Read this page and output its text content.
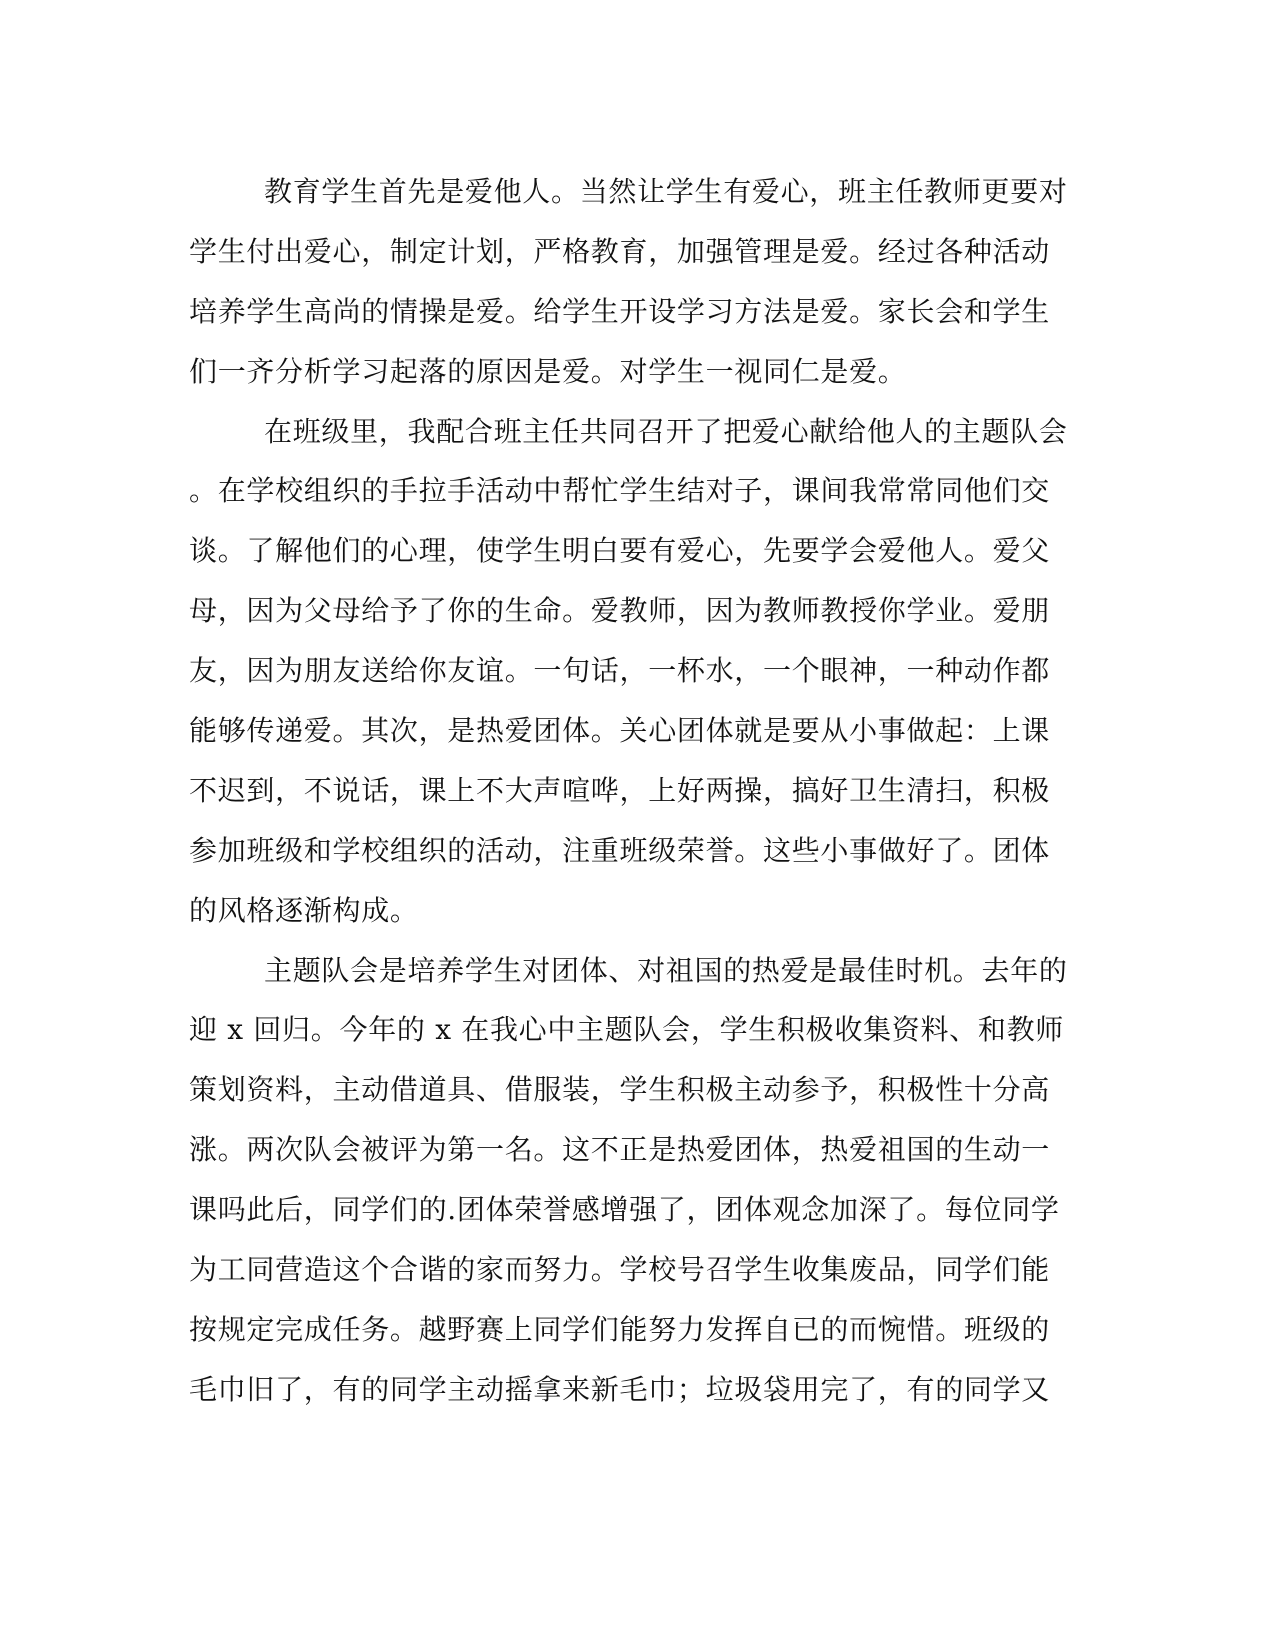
教育学生首先是爱他人。当然让学生有爱心，班主任教师更要对
学生付出爱心，制定计划，严格教育，加强管理是爱。经过各种活动
培养学生高尚的情操是爱。给学生开设学习方法是爱。家长会和学生
们一齐分析学习起落的原因是爱。对学生一视同仁是爱。
在班级里，我配合班主任共同召开了把爱心献给他人的主题队会
。在学校组织的手拉手活动中帮忙学生结对子，课间我常常同他们交
谈。了解他们的心理，使学生明白要有爱心，先要学会爱他人。爱父
母，因为父母给予了你的生命。爱教师，因为教师教授你学业。爱朋
友，因为朋友送给你友谊。一句话，一杯水，一个眼神，一种动作都
能够传递爱。其次，是热爱团体。关心团体就是要从小事做起：上课
不迟到，不说话，课上不大声喧哗，上好两操，搞好卫生清扫，积极
参加班级和学校组织的活动，注重班级荣誉。这些小事做好了。团体
的风格逐渐构成。
主题队会是培养学生对团体、对祖国的热爱是最佳时机。去年的
迎 x 回归。今年的 x 在我心中主题队会，学生积极收集资料、和教师
策划资料，主动借道具、借服装，学生积极主动参予，积极性十分高
涨。两次队会被评为第一名。这不正是热爱团体，热爱祖国的生动一
课吗此后，同学们的.团体荣誉感增强了，团体观念加深了。每位同学
为工同营造这个合谐的家而努力。学校号召学生收集废品，同学们能
按规定完成任务。越野赛上同学们能努力发挥自已的而惋惜。班级的
毛巾旧了，有的同学主动摇拿来新毛巾；垃圾袋用完了，有的同学又
